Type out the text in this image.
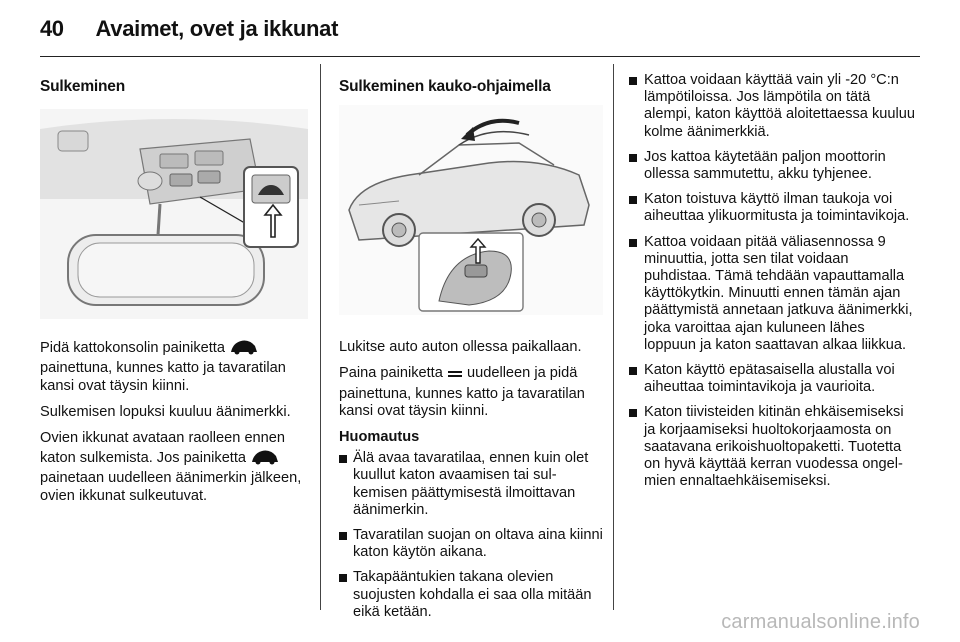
40 Avaimet, ovet ja ikkunat
Sulkeminen

Pidä kattokonsolin painiketta  painettuna, kunnes katto ja tavaratilan kansi ovat täysin kiinni.

Sulkemisen lopuksi kuuluu äänimerkki.

Ovien ikkunat avataan raolleen ennen katon sulkemista. Jos painiketta  painetaan uudelleen äänimerkin jälkeen, ovien ikkunat sulkeutuvat.

Sulkeminen kauko-ohjaimella

Lukitse auto auton ollessa paikallaan.

Paina painiketta uudelleen ja pidä painettuna, kunnes katto ja tavaratilan kansi ovat täysin kiinni.

Huomautus
Älä avaa tavaratilaa, ennen kuin olet kuullut katon avaamisen tai sulkemisen päättymisestä ilmoittavan äänimerkin.
Tavaratilan suojan on oltava aina kiinni katon käytön aikana.
Takapääntukien takana olevien suojusten kohdalla ei saa olla mitään eikä ketään.
Kattoa voidaan käyttää vain yli -20 °C:n lämpötiloissa. Jos lämpötila on tätä alempi, katon käyttöä aloitettaessa kuuluu kolme äänimerkkiä.
Jos kattoa käytetään paljon moottorin ollessa sammutettu, akku tyhjenee.
Katon toistuva käyttö ilman taukoja voi aiheuttaa ylikuormitusta ja toimintavikoja.
Kattoa voidaan pitää väliasennossa 9 minuuttia, jotta sen tilat voidaan puhdistaa. Tämä tehdään vapauttamalla käyttökytkin. Minuutti ennen tämän ajan päättymistä annetaan jatkuva äänimerkki, joka varoittaa ajan kuluneen lähes loppuun ja katon saattavan alkaa liikkua.
Katon käyttö epätasaisella alustalla voi aiheuttaa toimintavikoja ja vaurioita.
Katon tiivisteiden kitinän ehkäisemiseksi ja korjaamiseksi huoltokorjaamosta on saatavana erikoishuoltopaketti. Tuotetta on hyvä käyttää kerran vuodessa ongelmien ennaltaehkäisemiseksi.
carmanualsonline.info
